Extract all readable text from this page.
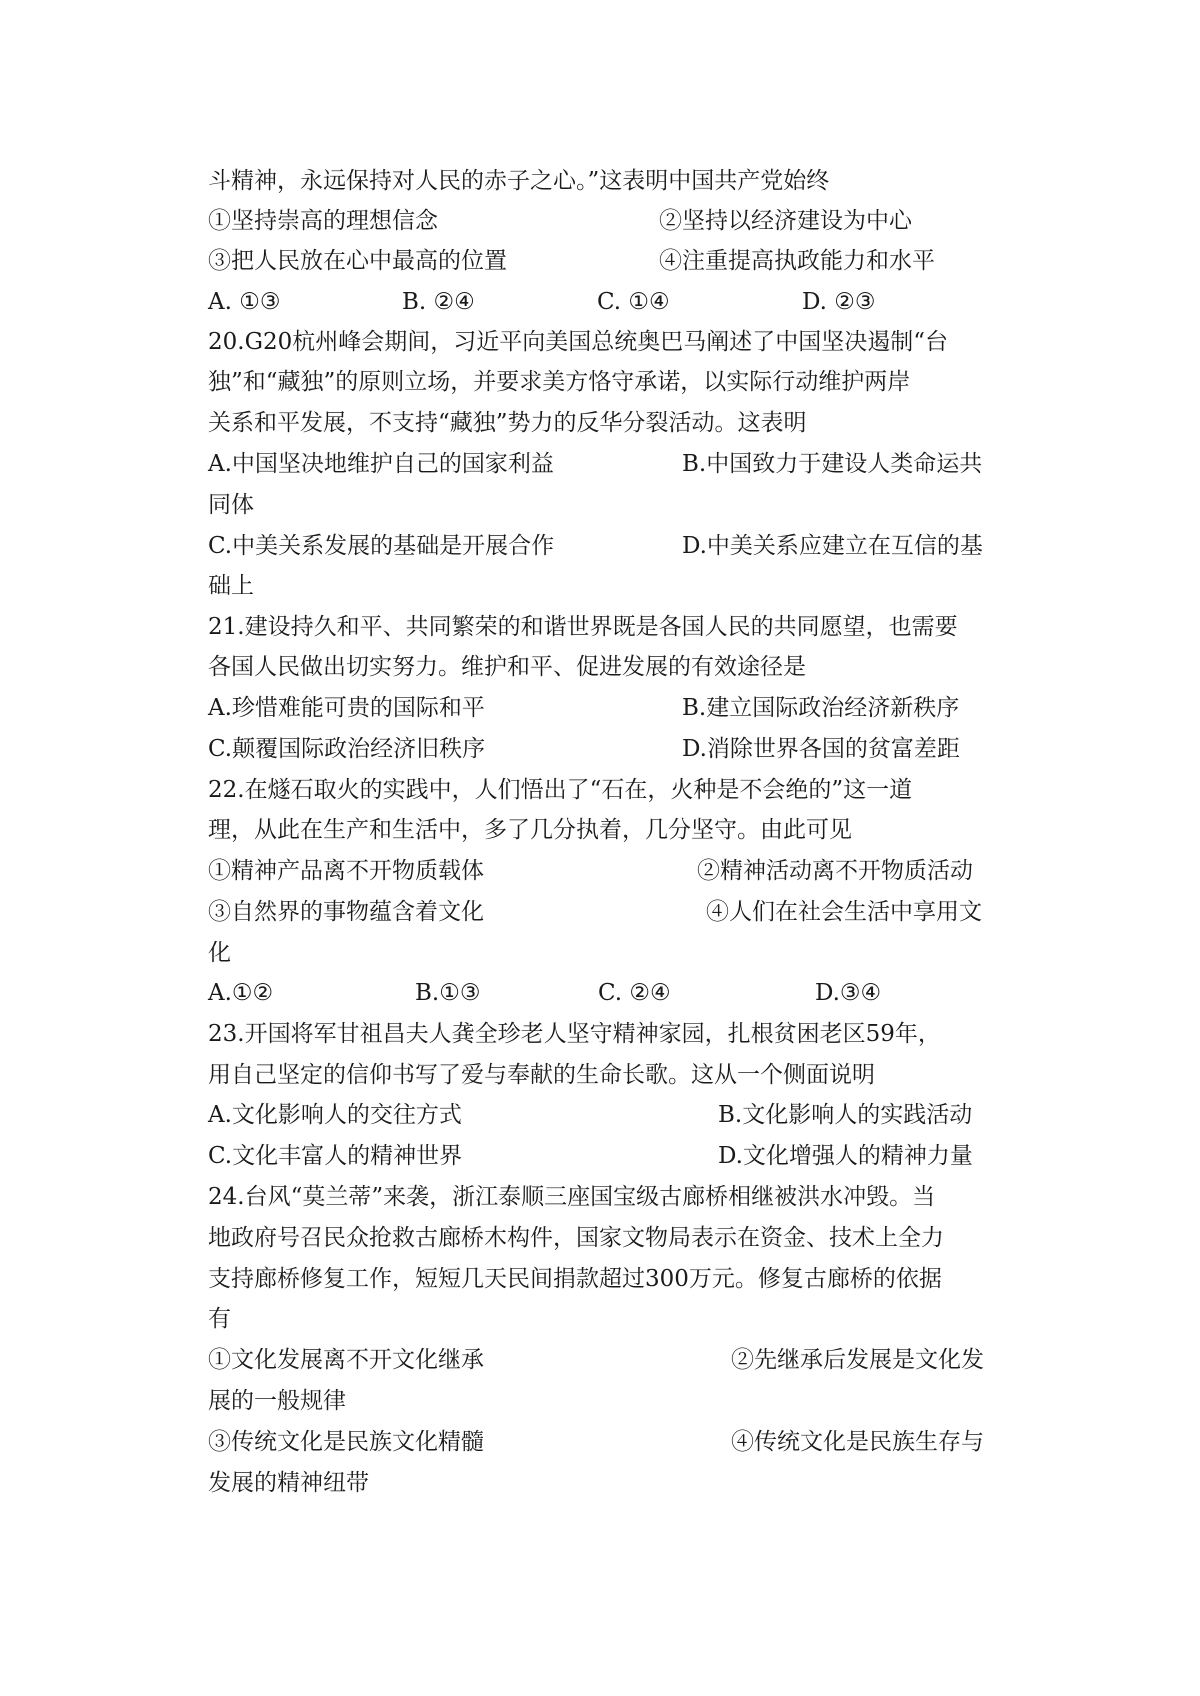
斗精神，永远保持对人民的赤子之心。”这表明中国共产党始终
①坚持崇高的理想信念	②坚持以经济建设为中心
③把人民放在心中最高的位置	④注重提高执政能力和水平
A. ①③	B. ②④	C. ①④	D. ②③
20.G20杭州峰会期间，习近平向美国总统奥巴马阐述了中国坚决遏制“台
独”和“藏独”的原则立场，并要求美方恪守承诺，以实际行动维护两岸
关系和平发展，不支持“藏独”势力的反华分裂活动。这表明
A.中国坚决地维护自己的国家利益	B.中国致力于建设人类命运共
同体
C.中美关系发展的基础是开展合作	D.中美关系应建立在互信的基
础上
21.建设持久和平、共同繁荣的和谐世界既是各国人民的共同愿望，也需要
各国人民做出切实努力。维护和平、促进发展的有效途径是
A.珍惜难能可贵的国际和平	B.建立国际政治经济新秩序
C.颠覆国际政治经济旧秩序	D.消除世界各国的贫富差距
22.在燧石取火的实践中，人们悟出了“石在，火种是不会绝的”这一道
理，从此在生产和生活中，多了几分执着，几分坚守。由此可见
①精神产品离不开物质载体	②精神活动离不开物质活动
③自然界的事物蕴含着文化	④人们在社会生活中享用文
化
A.①②	B.①③	C. ②④	D.③④
23.开国将军甘祖昌夫人龚全珍老人坚守精神家园，扎根贫困老区59年，
用自己坚定的信仰书写了爱与奉献的生命长歌。这从一个侧面说明
A.文化影响人的交往方式	B.文化影响人的实践活动
C.文化丰富人的精神世界	D.文化增强人的精神力量
24.台风“莫兰蒂”来袭，浙江泰顺三座国宝级古廊桥相继被洪水冲毁。当
地政府号召民众抢救古廊桥木构件，国家文物局表示在资金、技术上全力
支持廊桥修复工作，短短几天民间捐款超过300万元。修复古廊桥的依据
有
①文化发展离不开文化继承	②先继承后发展是文化发
展的一般规律
③传统文化是民族文化精髓	④传统文化是民族生存与
发展的精神纽带
